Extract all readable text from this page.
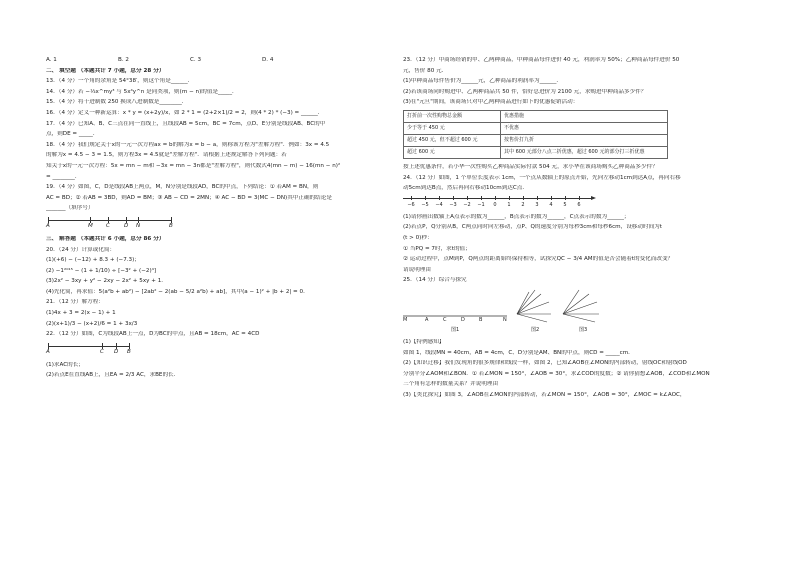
A. 1	B. 2	C. 3	D. 4
二、 填空题 （本题共计 7 小题，总分 28 分）
13．（4 分）一个角的余角是 54°38′，则这个角是______．
14．（4 分）若 −⅓x^my³ 与 5x⁴y^n 是同类项，则(m − n)的值是_____．
15．（4 分）将十进制数 250 换成八进制数是________．
16．（4 分）定义一种新运算：x * y = (x+2y)/x，如 2 * 1 = (2+2×1)/2 = 2，则(4 * 2) * (−3) = ______．
17．（4 分）已知A、B、C三点在同一直线上，且线段AB = 5cm，BC = 7cm，点D、E分别是线段AB、BC的中
点，则DE = _____．
18．（4 分）我们规定关于x的一元一次方程ax = b的解为x = b − a，则称该方程为"差解方程"．例如：3x = 4.5
的解为x = 4.5 − 3 = 1.5，则方程3x = 4.5就是"差解方程"．请根据上述规定解答下列问题：若
知关于x的一元一次方程：5x = mn − m和 −3x = mn − 3n都是"差解方程"，则代数式4(mn − m) − 16(mn − n)²
= ________．
19．（4 分）如图，C，D是线段AB上两点，M，N分别是线段AD，BC的中点，下列结论：① 若AM = BN，则
AC = BD；② 若AB = 3BD，则AD = BM；③ AB − CD = 2MN；④ AC − BD = 3(MC − DN)其中正确的结论是
_______（填序号）
A	M C	D N	B
三、 解答题 （本题共计 6 小题，总分 86 分）
20．（24 分）计算或化简：
(1)(+6) − (−12) + 8.3 + (−7.3)；
(2) −1²⁰¹⁵ − (1 + 1/10) ÷ [−3² + (−2)⁴]
(3)2x² − 3xy + y² − 2xy − 2x² + 5xy + 1．
(4)先化简，再求值：5(a²b + ab²) − [2ab² − 2(ab − 5/2 a²b) + ab]，其中(a − 1)² + |b + 2| = 0．
21．（12 分）解方程：
(1)4x + 3 = 2(x − 1) + 1
(2)(x+1)/3 − (x+2)/6 = 1 + 3x/3
22．（12 分）如图，C为线段AB上一点，D为BC的中点，且AB = 18cm，AC = 4CD
A	C D B
(1)求AC的长；
(2)若点E在直线AB上，且EA = 2/3 AC，求BE的长．
23．（12 分）甲商场经销的甲、乙两种商品，甲种商品每件进价 40 元，利润率为 50%；乙种商品每件进价 50
元，售价 80 元．
(1)甲种商品每件售价为______元，乙种商品的利润率为______．
(2)若该商场同时购进甲、乙两种商品共 50 件，恰好总进价为 2100 元，求购进甲种商品多少件？
(3)在"元旦"期间，该商场只对甲乙两种商品进行如下的优惠促销活动：
打折前一次性购物总金额	优惠措施
少于等于 450 元	不优惠
超过 450 元，但不超过 600 元	按售价打九折
超过 600 元	其中 600 元部分八点二折优惠，超过 600 元的部分打三折优惠
按上述优惠条件，若小华一次性购买乙种商品实际付款 504 元，求小华在该商场购买乙种商品多少件？
24．（12 分）如图，1 个单位长度表示 1cm，一个点从数轴上的原点开始，先向左移动1cm到达A点，再向右移
动5cm到达B点，然后再向右移动10cm到达C点．
−6 −5 −4 −3 −2 −1	0	1	2	3	4	5	6
(1)请你画出数轴上A点表示的数为______，B点表示的数为______，C点表示的数为______；
(2)若点P，Q分别从B，C两点同时向左移动，点P、Q的速度分别为每秒3cm和每秒6cm，设移动时间为t
(t > 0)秒：
① 当PQ = 7时，求t的值；
② 运动过程中，点M到P，Q两点的距离始终保持相等，试探究QC − 3/4 AM的值是否会随着t的变化而改变？
请说明理由
25．（14 分）综合与探究
M	A	C	D	B	N
图1	图2	图3
(1)【特例感知】
如图 1，线段MN = 40cm，AB = 4cm，C、D分别是AM、BN的中点，则CD = _____cm．
(2)【知识迁移】我们发现角的很多规律和线段一样，如图 2，已知∠AOB在∠MON的内部转动，射线OC和射线OD
分别平分∠AOM和∠BON．① 若∠MON = 150°，∠AOB = 30°，求∠COD的度数；② 请你猜想∠AOB，∠COD和∠MON
三个角有怎样的数量关系？并说明理由
(3)【类比探究】如图 3，∠AOB在∠MON的内部转动，若∠MON = 150°，∠AOB = 30°，∠MOC = k∠AOC，
